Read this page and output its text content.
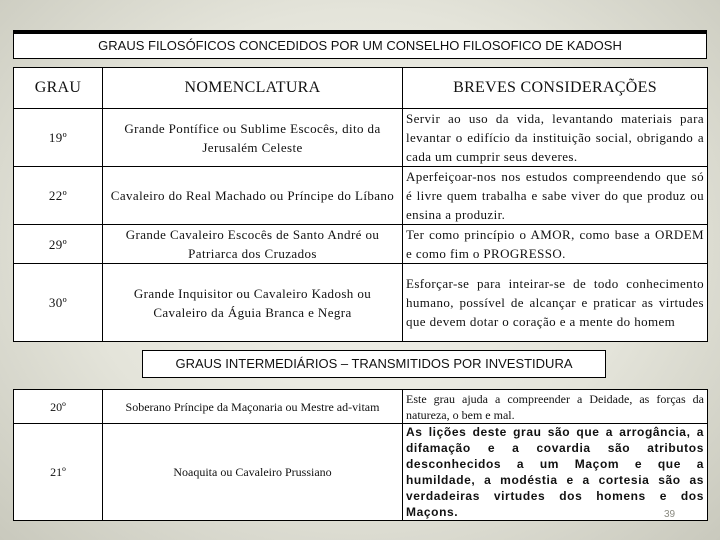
GRAUS FILOSÓFICOS CONCEDIDOS POR UM CONSELHO FILOSOFICO DE KADOSH
GRAU	NOMENCLATURA	BREVES CONSIDERAÇÕES
19º	Grande Pontífice ou Sublime Escocês, dito da Jerusalém Celeste	Servir ao uso da vida, levantando materiais para levantar o edifício da instituição social, obrigando a cada um cumprir seus deveres.
22º	Cavaleiro do Real Machado ou Príncipe do Líbano	Aperfeiçoar-nos nos estudos compreendendo que só é livre quem trabalha e sabe viver do que produz ou ensina a produzir.
29º	Grande Cavaleiro Escocês de Santo André ou Patriarca dos Cruzados	Ter como princípio o AMOR, como base a ORDEM e como fim o PROGRESSO.
30º	Grande Inquisitor ou Cavaleiro Kadosh ou Cavaleiro da Águia Branca e Negra	Esforçar-se para inteirar-se de todo conhecimento humano, possível de alcançar e praticar as virtudes que devem dotar o coração e a mente do homem
GRAUS INTERMEDIÁRIOS – TRANSMITIDOS POR INVESTIDURA
20º	Soberano Príncipe da Maçonaria ou Mestre ad-vitam	Este grau ajuda a compreender a Deidade, as forças da natureza, o bem e mal.
21º	Noaquita ou Cavaleiro Prussiano	As lições deste grau são que a arrogância, a difamação e a covardia são atributos desconhecidos a um Maçom e que a humildade, a modéstia e a cortesia são as verdadeiras virtudes dos homens e dos Maçons.	39
